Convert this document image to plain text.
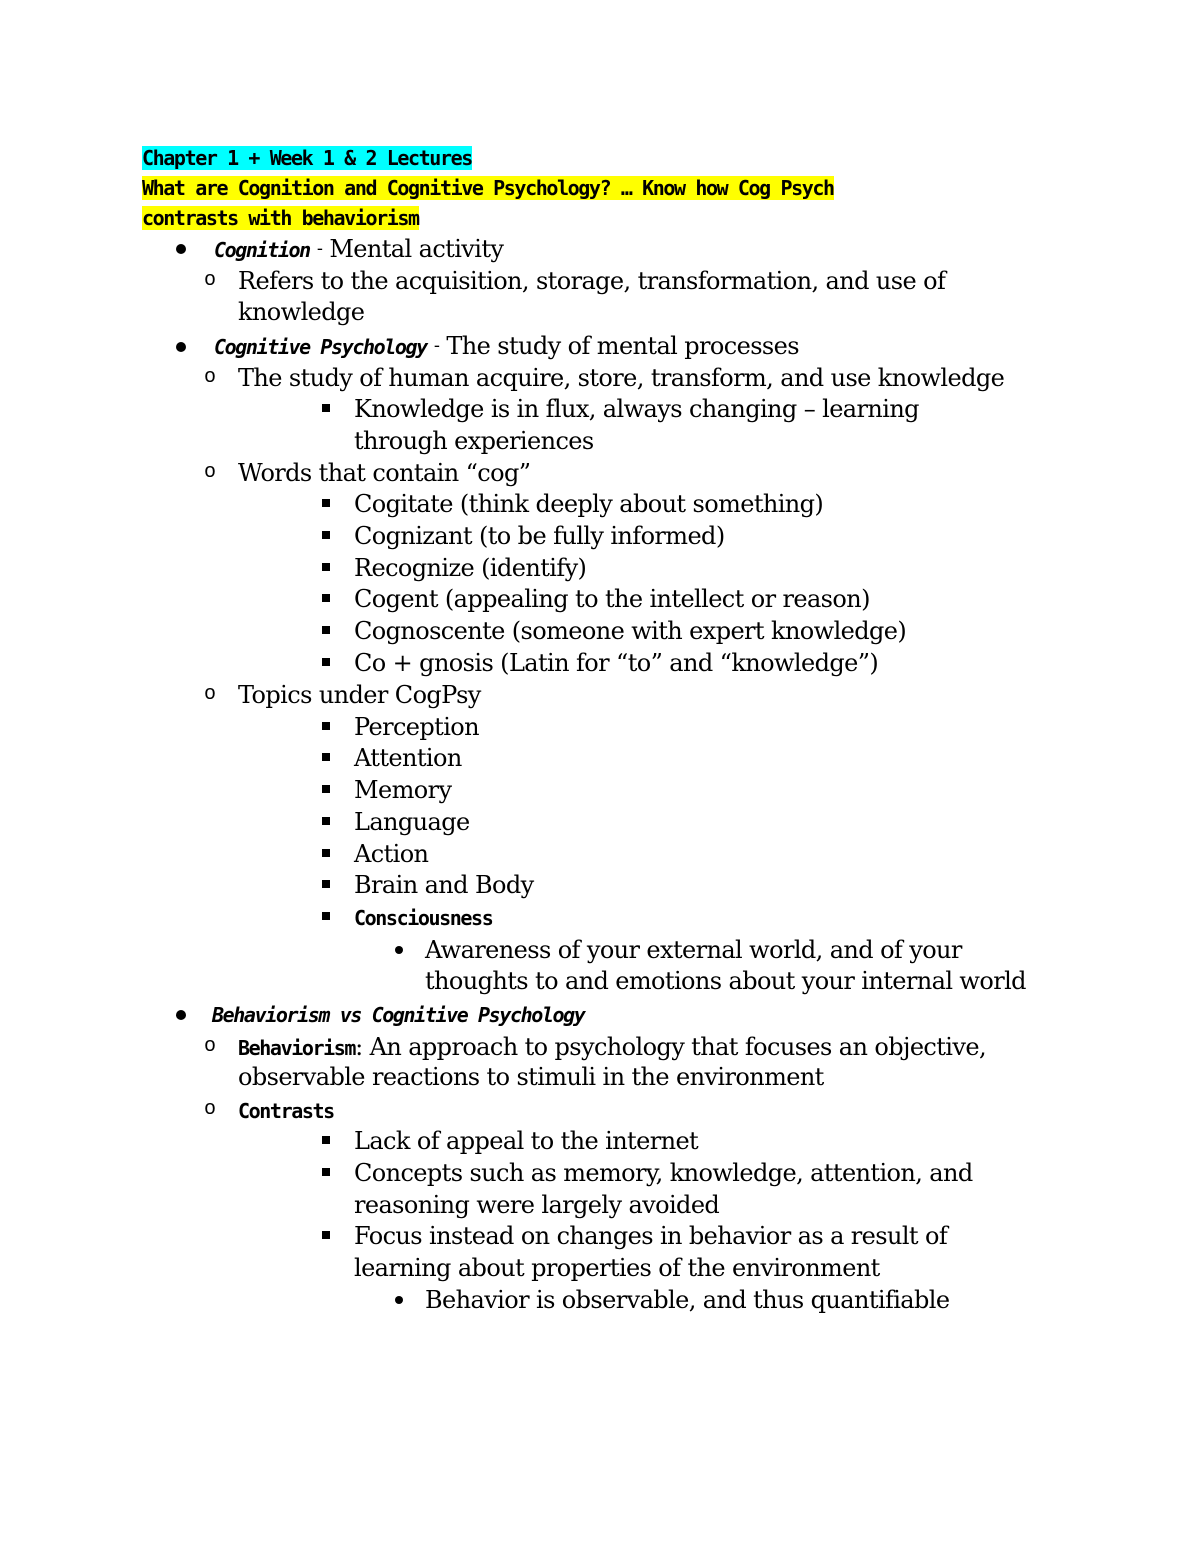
Chapter 1 + Week 1 & 2 Lectures
What are Cognition and Cognitive Psychology? … Know how Cog Psych
contrasts with behaviorism
Cognition - Mental activity
o Refers to the acquisition, storage, transformation, and use of
knowledge
Cognitive Psychology - The study of mental processes
o The study of human acquire, store, transform, and use knowledge
Knowledge is in flux, always changing – learning
through experiences
o Words that contain “cog”
Cogitate (think deeply about something)
Cognizant (to be fully informed)
Recognize (identify)
Cogent (appealing to the intellect or reason)
Cognoscente (someone with expert knowledge)
Co + gnosis (Latin for “to” and “knowledge”)
o Topics under CogPsy
Perception
Attention
Memory
Language
Action
Brain and Body
Consciousness
Awareness of your external world, and of your
thoughts to and emotions about your internal world
Behaviorism vs Cognitive Psychology
o Behaviorism: An approach to psychology that focuses an objective,
observable reactions to stimuli in the environment
o Contrasts
Lack of appeal to the internet
Concepts such as memory, knowledge, attention, and
reasoning were largely avoided
Focus instead on changes in behavior as a result of
learning about properties of the environment
Behavior is observable, and thus quantifiable
